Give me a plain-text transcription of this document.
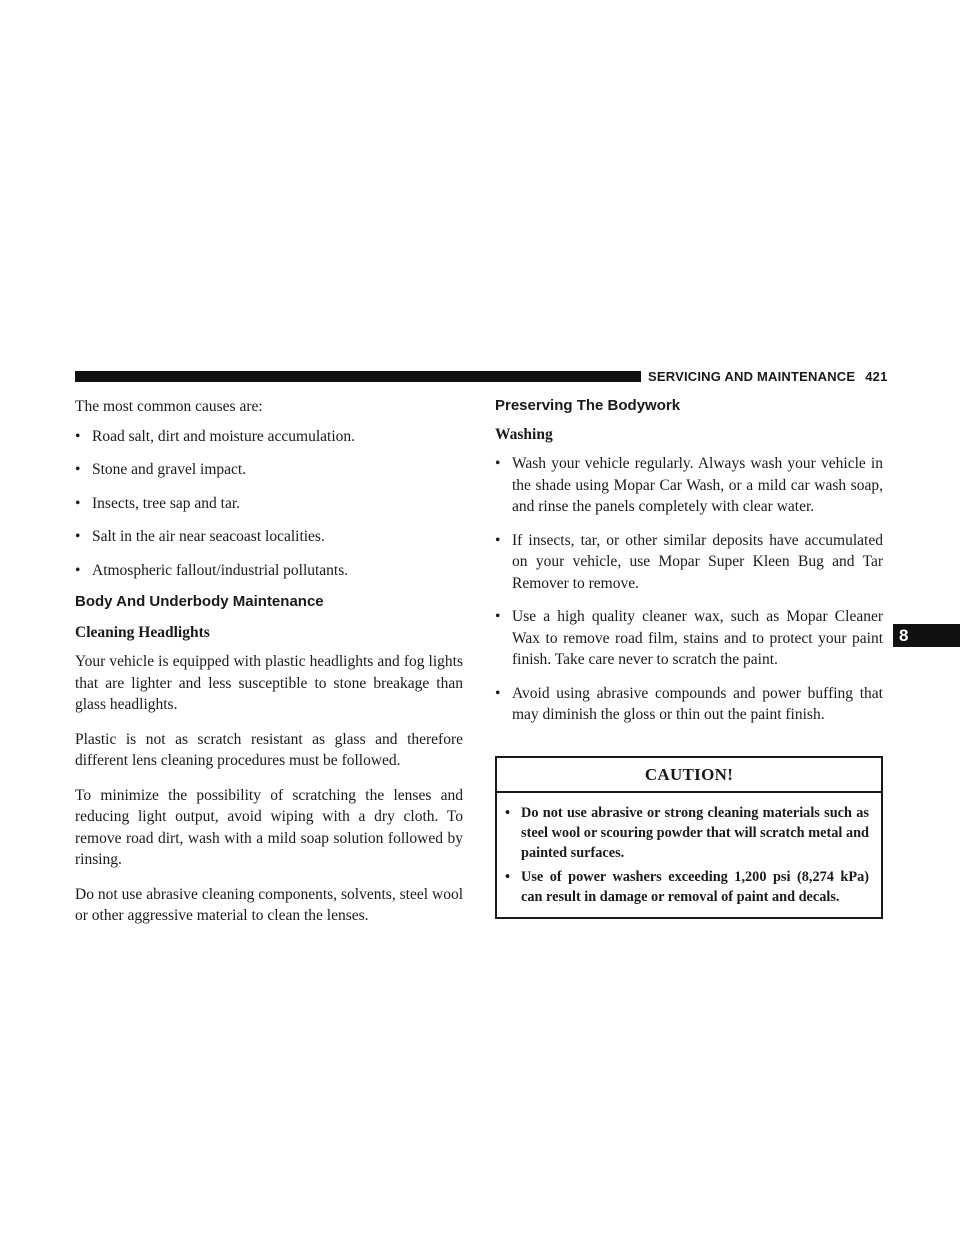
SERVICING AND MAINTENANCE 421

The most common causes are:

• Road salt, dirt and moisture accumulation.
• Stone and gravel impact.
• Insects, tree sap and tar.
• Salt in the air near seacoast localities.
• Atmospheric fallout/industrial pollutants.
Body And Underbody Maintenance
Cleaning Headlights

Your vehicle is equipped with plastic headlights and fog lights that are lighter and less susceptible to stone breakage than glass headlights.

Plastic is not as scratch resistant as glass and therefore different lens cleaning procedures must be followed.

To minimize the possibility of scratching the lenses and reducing light output, avoid wiping with a dry cloth. To remove road dirt, wash with a mild soap solution followed by rinsing.

Do not use abrasive cleaning components, solvents, steel wool or other aggressive material to clean the lenses.

Preserving The Bodywork
Washing
• Wash your vehicle regularly. Always wash your vehicle in the shade using Mopar Car Wash, or a mild car wash soap, and rinse the panels completely with clear water.
• If insects, tar, or other similar deposits have accumulated on your vehicle, use Mopar Super Kleen Bug and Tar Remover to remove.
• Use a high quality cleaner wax, such as Mopar Cleaner Wax to remove road film, stains and to protect your paint finish. Take care never to scratch the paint.
• Avoid using abrasive compounds and power buffing that may diminish the gloss or thin out the paint finish.
CAUTION!
• Do not use abrasive or strong cleaning materials such as steel wool or scouring powder that will scratch metal and painted surfaces.
• Use of power washers exceeding 1,200 psi (8,274 kPa) can result in damage or removal of paint and decals.
8
